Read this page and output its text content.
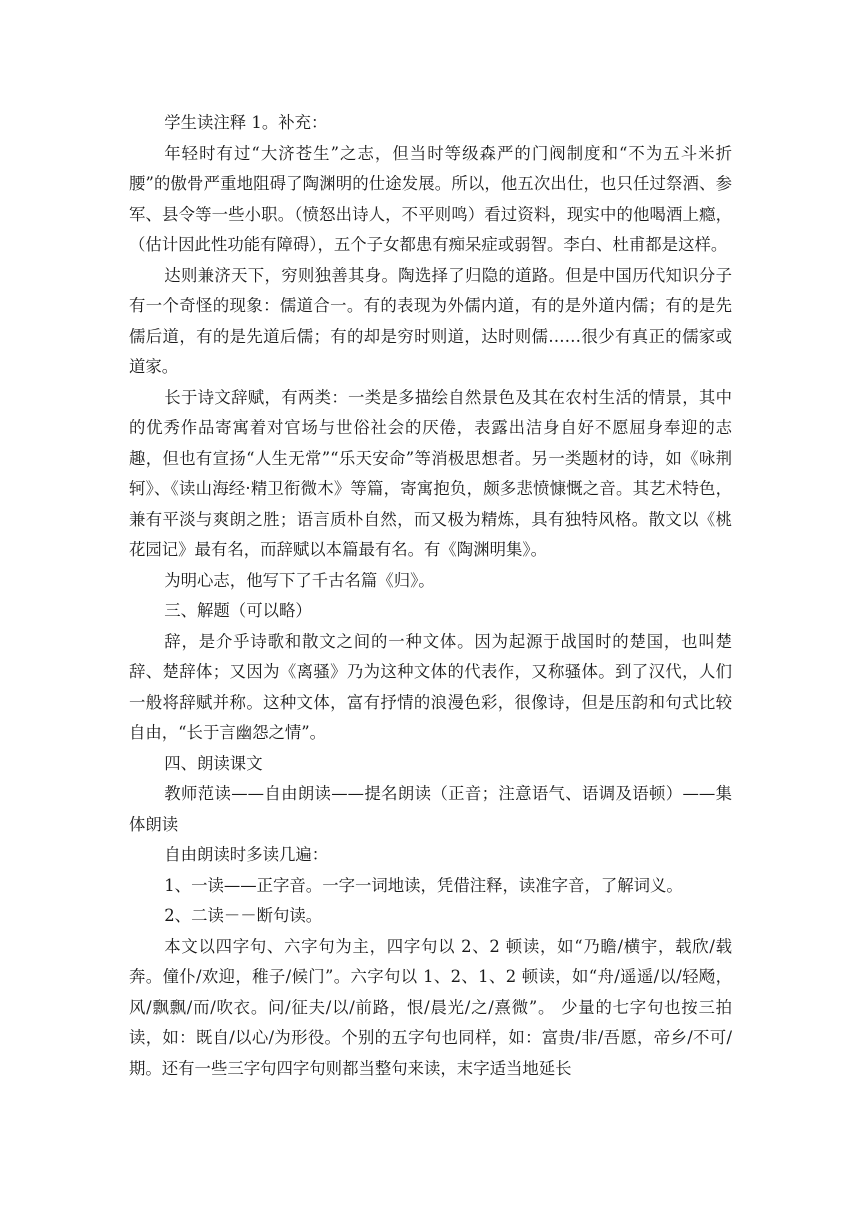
学生读注释 1。补充：

年轻时有过“大济苍生”之志，但当时等级森严的门阀制度和“不为五斗米折腰”的傲骨严重地阻碍了陶渊明的仕途发展。所以，他五次出仕，也只任过祭酒、参军、县令等一些小职。（愤怒出诗人，不平则鸣）看过资料，现实中的他喝酒上瘾，（估计因此性功能有障碍），五个子女都患有痴呆症或弱智。李白、杜甫都是这样。

达则兼济天下，穷则独善其身。陶选择了归隐的道路。但是中国历代知识分子有一个奇怪的现象：儒道合一。有的表现为外儒内道，有的是外道内儒；有的是先儒后道，有的是先道后儒；有的却是穷时则道，达时则儒……很少有真正的儒家或道家。

长于诗文辞赋，有两类：一类是多描绘自然景色及其在农村生活的情景，其中的优秀作品寄寓着对官场与世俗社会的厌倦，表露出洁身自好不愿屈身奉迎的志趣，但也有宣扬“人生无常”“乐天安命”等消极思想者。另一类题材的诗，如《咏荆轲》、《读山海经·精卫衔微木》等篇，寄寓抱负，颇多悲愤慷慨之音。其艺术特色，兼有平淡与爽朗之胜；语言质朴自然，而又极为精炼，具有独特风格。散文以《桃花园记》最有名，而辞赋以本篇最有名。有《陶渊明集》。

为明心志，他写下了千古名篇《归》。

三、解题（可以略）

辞，是介乎诗歌和散文之间的一种文体。因为起源于战国时的楚国，也叫楚辞、楚辞体；又因为《离骚》乃为这种文体的代表作，又称骚体。到了汉代，人们一般将辞赋并称。这种文体，富有抒情的浪漫色彩，很像诗，但是压韵和句式比较自由，“长于言幽怨之情”。

四、朗读课文

教师范读——自由朗读——提名朗读（正音；注意语气、语调及语顿）——集体朗读

自由朗读时多读几遍：

1、一读——正字音。一字一词地读，凭借注释，读准字音，了解词义。

2、二读－－断句读。

本文以四字句、六字句为主，四字句以 2、2 顿读，如“乃瞻/横宇，载欣/载奔。僮仆/欢迎，稚子/候门”。六字句以 1、2、1、2 顿读，如“舟/遥遥/以/轻飏，风/飘飘/而/吹衣。问/征夫/以/前路，恨/晨光/之/熹微”。 少量的七字句也按三拍读，如：既自/以心/为形役。个别的五字句也同样，如：富贵/非/吾愿，帝乡/不可/期。还有一些三字句四字句则都当整句来读，末字适当地延长
